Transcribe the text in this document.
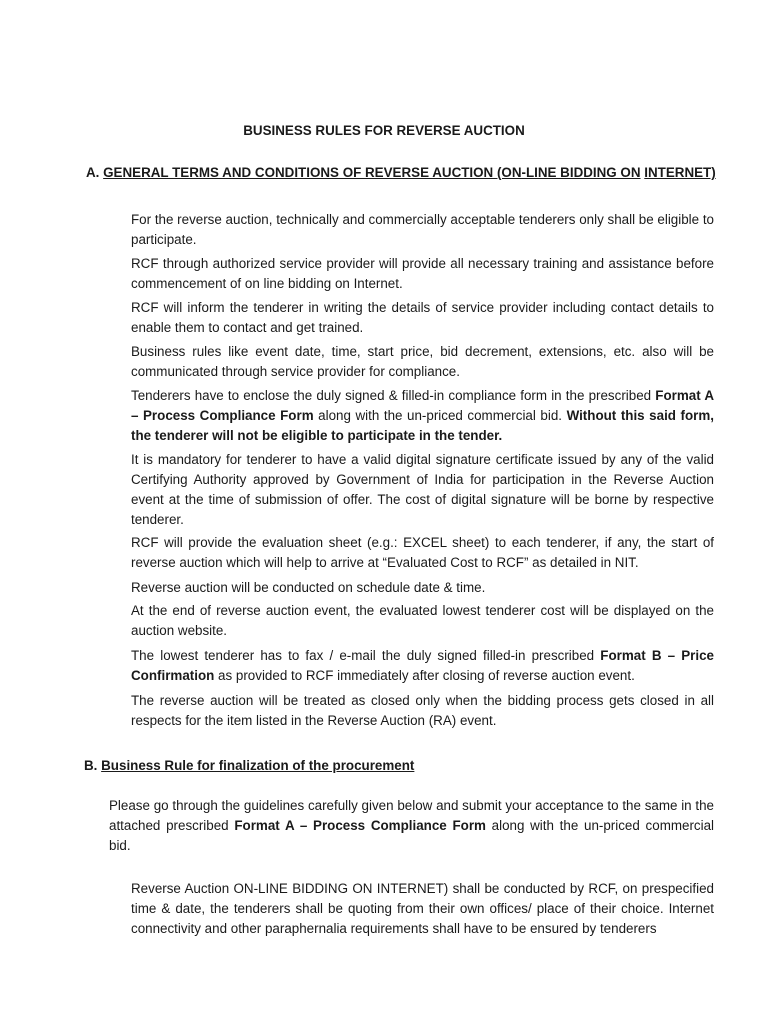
BUSINESS RULES FOR REVERSE AUCTION
A. GENERAL TERMS AND CONDITIONS OF REVERSE AUCTION (ON-LINE BIDDING ON INTERNET)

For the reverse auction, technically and commercially acceptable tenderers only shall be eligible to participate.

RCF through authorized service provider will provide all necessary training and assistance before commencement of on line bidding on Internet.

RCF will inform the tenderer in writing the details of service provider including contact details to enable them to contact and get trained.

Business rules like event date, time, start price, bid decrement, extensions, etc. also will be communicated through service provider for compliance.

Tenderers have to enclose the duly signed & filled-in compliance form in the prescribed Format A – Process Compliance Form along with the un-priced commercial bid. Without this said form, the tenderer will not be eligible to participate in the tender.

It is mandatory for tenderer to have a valid digital signature certificate issued by any of the valid Certifying Authority approved by Government of India for participation in the Reverse Auction event at the time of submission of offer. The cost of digital signature will be borne by respective tenderer.

RCF will provide the evaluation sheet (e.g.: EXCEL sheet) to each tenderer, if any, the start of reverse auction which will help to arrive at “Evaluated Cost to RCF” as detailed in NIT.

Reverse auction will be conducted on schedule date & time.

At the end of reverse auction event, the evaluated lowest tenderer cost will be displayed on the auction website.

The lowest tenderer has to fax / e-mail the duly signed filled-in prescribed Format B – Price Confirmation as provided to RCF immediately after closing of reverse auction event.

The reverse auction will be treated as closed only when the bidding process gets closed in all respects for the item listed in the Reverse Auction (RA) event.

B. Business Rule for finalization of the procurement

Please go through the guidelines carefully given below and submit your acceptance to the same in the attached prescribed Format A – Process Compliance Form along with the un-priced commercial bid.

Reverse Auction ON-LINE BIDDING ON INTERNET) shall be conducted by RCF, on prespecified time & date, the tenderers shall be quoting from their own offices/ place of their choice. Internet connectivity and other paraphernalia requirements shall have to be ensured by tenderers
